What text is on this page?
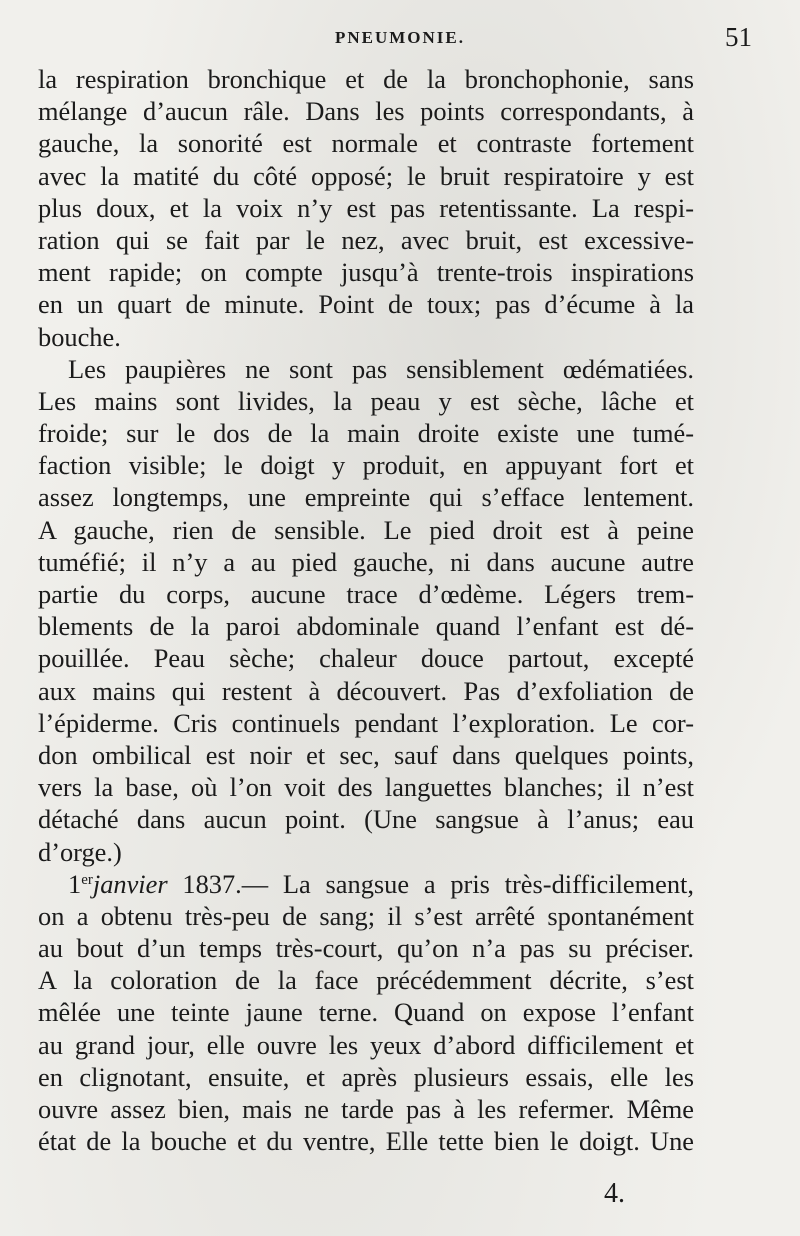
PNEUMONIE.	51
la respiration bronchique et de la bronchophonie, sans
mélange d’aucun râle. Dans les points correspondants, à
gauche, la sonorité est normale et contraste fortement
avec la matité du côté opposé; le bruit respiratoire y est
plus doux, et la voix n’y est pas retentissante. La respi-
ration qui se fait par le nez, avec bruit, est excessive-
ment rapide; on compte jusqu’à trente-trois inspirations
en un quart de minute. Point de toux; pas d’écume à la
bouche.
Les paupières ne sont pas sensiblement œdématiées.
Les mains sont livides, la peau y est sèche, lâche et
froide; sur le dos de la main droite existe une tumé-
faction visible; le doigt y produit, en appuyant fort et
assez longtemps, une empreinte qui s’efface lentement.
A gauche, rien de sensible. Le pied droit est à peine
tuméfié; il n’y a au pied gauche, ni dans aucune autre
partie du corps, aucune trace d’œdème. Légers trem-
blements de la paroi abdominale quand l’enfant est dé-
pouillée. Peau sèche; chaleur douce partout, excepté
aux mains qui restent à découvert. Pas d’exfoliation de
l’épiderme. Cris continuels pendant l’exploration. Le cor-
don ombilical est noir et sec, sauf dans quelques points,
vers la base, où l’on voit des languettes blanches; il n’est
détaché dans aucun point. (Une sangsue à l’anus; eau
d’orge.)
1erjanvier 1837.— La sangsue a pris très-difficilement,
on a obtenu très-peu de sang; il s’est arrêté spontanément
au bout d’un temps très-court, qu’on n’a pas su préciser.
A la coloration de la face précédemment décrite, s’est
mêlée une teinte jaune terne. Quand on expose l’enfant
au grand jour, elle ouvre les yeux d’abord difficilement et
en clignotant, ensuite, et après plusieurs essais, elle les
ouvre assez bien, mais ne tarde pas à les refermer. Même
état de la bouche et du ventre, Elle tette bien le doigt. Une
4.
